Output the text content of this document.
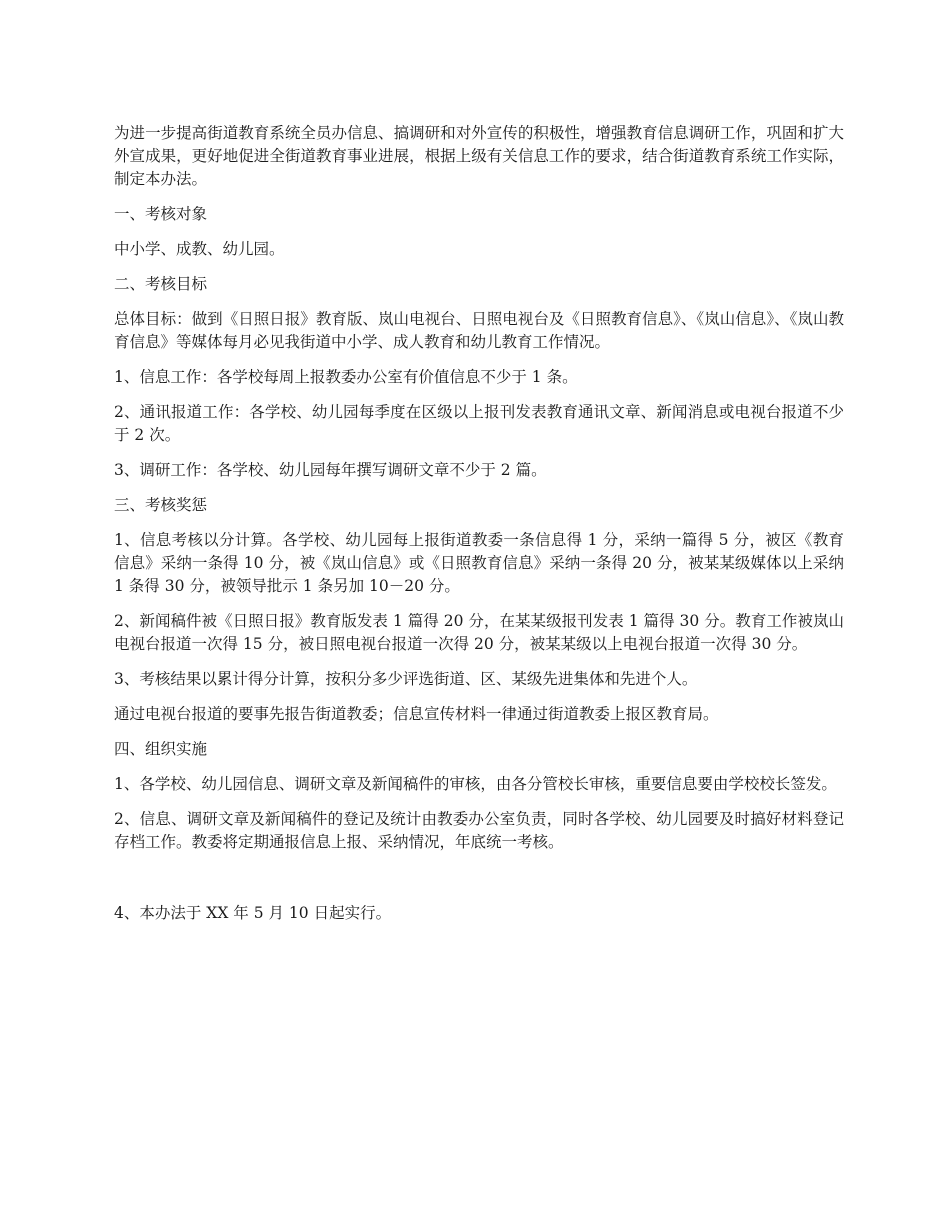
为进一步提高街道教育系统全员办信息、搞调研和对外宣传的积极性，增强教育信息调研工作，巩固和扩大外宣成果，更好地促进全街道教育事业进展，根据上级有关信息工作的要求，结合街道教育系统工作实际，制定本办法。

一、考核对象

中小学、成教、幼儿园。

二、考核目标

总体目标：做到《日照日报》教育版、岚山电视台、日照电视台及《日照教育信息》、《岚山信息》、《岚山教育信息》等媒体每月必见我街道中小学、成人教育和幼儿教育工作情况。

1、信息工作：各学校每周上报教委办公室有价值信息不少于 1 条。

2、通讯报道工作：各学校、幼儿园每季度在区级以上报刊发表教育通讯文章、新闻消息或电视台报道不少于 2 次。

3、调研工作：各学校、幼儿园每年撰写调研文章不少于 2 篇。

三、考核奖惩

1、信息考核以分计算。各学校、幼儿园每上报街道教委一条信息得 1 分，采纳一篇得 5 分，被区《教育信息》采纳一条得 10 分，被《岚山信息》或《日照教育信息》采纳一条得 20 分，被某某级媒体以上采纳 1 条得 30 分，被领导批示 1 条另加 10－20 分。

2、新闻稿件被《日照日报》教育版发表 1 篇得 20 分，在某某级报刊发表 1 篇得 30 分。教育工作被岚山电视台报道一次得 15 分，被日照电视台报道一次得 20 分，被某某级以上电视台报道一次得 30 分。

3、考核结果以累计得分计算，按积分多少评选街道、区、某级先进集体和先进个人。

通过电视台报道的要事先报告街道教委；信息宣传材料一律通过街道教委上报区教育局。

四、组织实施

1、各学校、幼儿园信息、调研文章及新闻稿件的审核，由各分管校长审核，重要信息要由学校校长签发。

2、信息、调研文章及新闻稿件的登记及统计由教委办公室负责，同时各学校、幼儿园要及时搞好材料登记存档工作。教委将定期通报信息上报、采纳情况，年底统一考核。

4、本办法于 XX 年 5 月 10 日起实行。
